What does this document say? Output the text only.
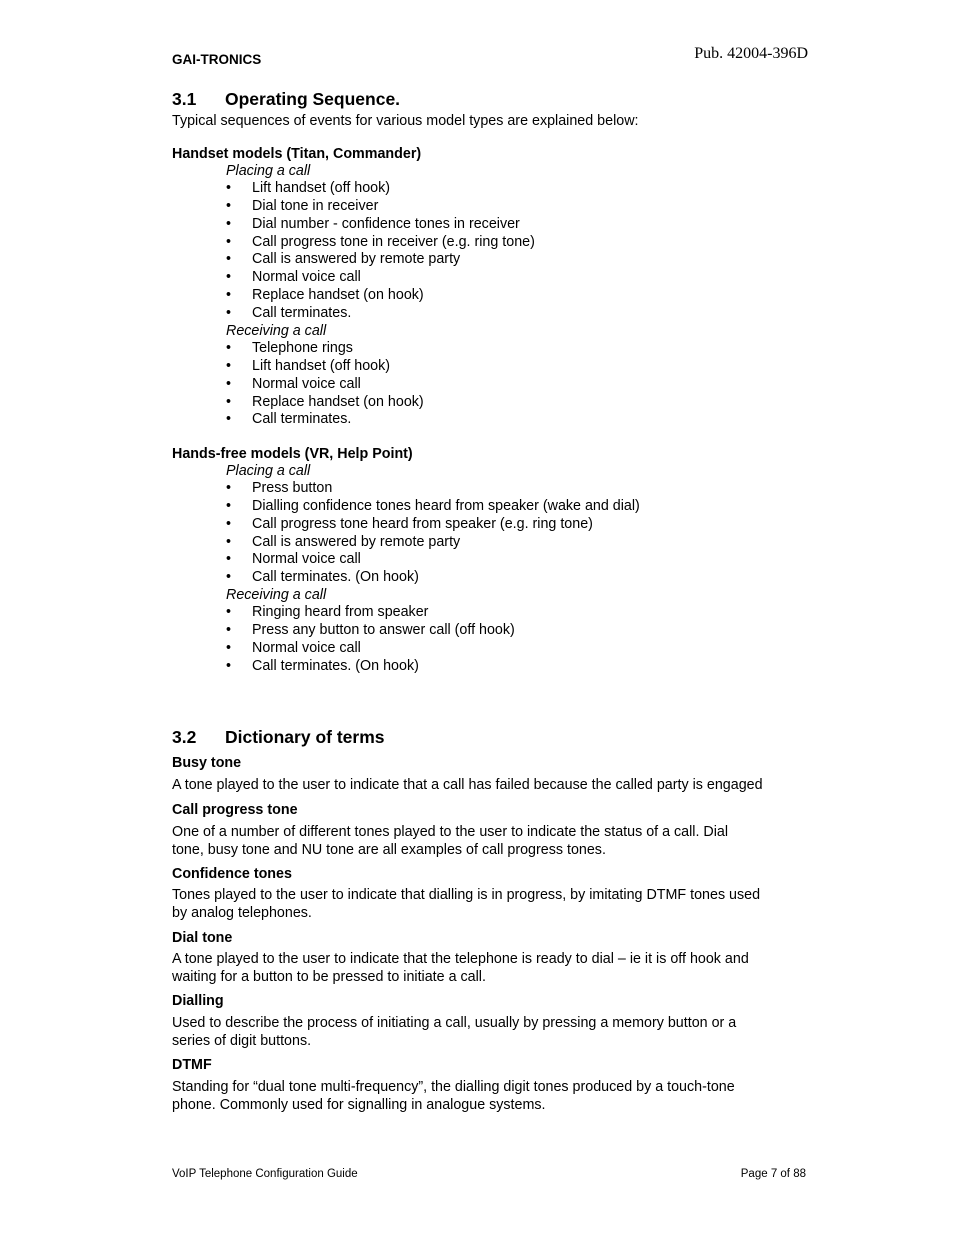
GAI-TRONICS	Pub. 42004-396D
3.1	Operating Sequence.
Typical sequences of events for various model types are explained below:
Handset models (Titan, Commander)
Placing a call
• Lift handset (off hook)
• Dial tone in receiver
• Dial number - confidence tones in receiver
• Call progress tone in receiver (e.g. ring tone)
• Call is answered by remote party
• Normal voice call
• Replace handset (on hook)
• Call terminates.
Receiving a call
• Telephone rings
• Lift handset (off hook)
• Normal voice call
• Replace handset (on hook)
• Call terminates.
Hands-free models (VR, Help Point)
Placing a call
• Press button
• Dialling confidence tones heard from speaker (wake and dial)
• Call progress tone heard from speaker (e.g. ring tone)
• Call is answered by remote party
• Normal voice call
• Call terminates. (On hook)
Receiving a call
• Ringing heard from speaker
• Press any button to answer call (off hook)
• Normal voice call
• Call terminates. (On hook)
3.2	Dictionary of terms
Busy tone
A tone played to the user to indicate that a call has failed because the called party is engaged
Call progress tone
One of a number of different tones played to the user to indicate the status of a call. Dial
tone, busy tone and NU tone are all examples of call progress tones.
Confidence tones
Tones played to the user to indicate that dialling is in progress, by imitating DTMF tones used
by analog telephones.
Dial tone
A tone played to the user to indicate that the telephone is ready to dial – ie it is off hook and
waiting for a button to be pressed to initiate a call.
Dialling
Used to describe the process of initiating a call, usually by pressing a memory button or a
series of digit buttons.
DTMF
Standing for “dual tone multi-frequency”, the dialling digit tones produced by a touch-tone
phone. Commonly used for signalling in analogue systems.
VoIP Telephone Configuration Guide	Page 7 of 88
